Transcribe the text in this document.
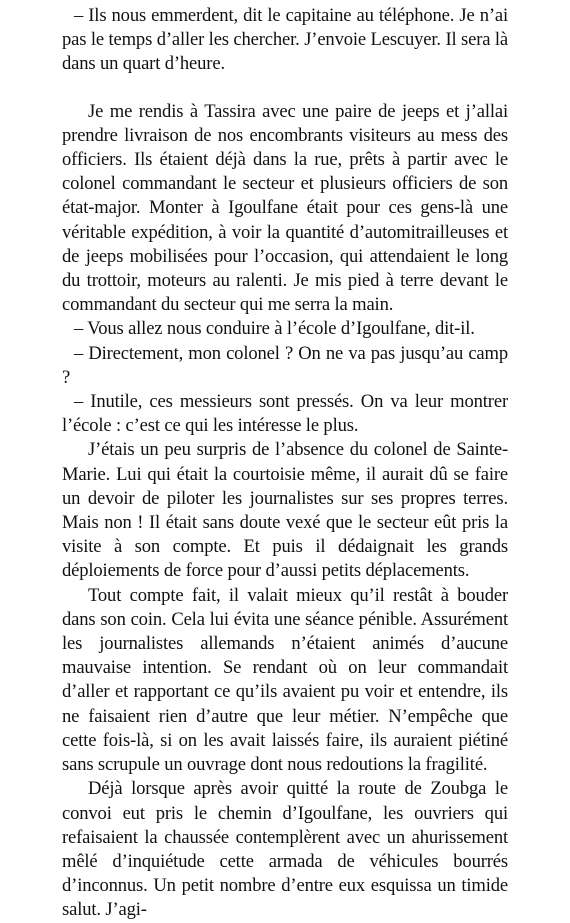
– Ils nous emmerdent, dit le capitaine au téléphone. Je n’ai pas le temps d’aller les chercher. J’envoie Lescuyer. Il sera là dans un quart d’heure.

Je me rendis à Tassira avec une paire de jeeps et j’allai prendre livraison de nos encombrants visiteurs au mess des officiers. Ils étaient déjà dans la rue, prêts à partir avec le colonel commandant le secteur et plusieurs officiers de son état-major. Monter à Igoulfane était pour ces gens-là une véritable expédition, à voir la quantité d’automitrailleuses et de jeeps mobilisées pour l’occasion, qui attendaient le long du trottoir, moteurs au ralenti. Je mis pied à terre devant le commandant du secteur qui me serra la main.

– Vous allez nous conduire à l’école d’Igoulfane, dit-il.

– Directement, mon colonel ? On ne va pas jusqu’au camp ?

– Inutile, ces messieurs sont pressés. On va leur montrer l’école : c’est ce qui les intéresse le plus.

J’étais un peu surpris de l’absence du colonel de Sainte-Marie. Lui qui était la courtoisie même, il aurait dû se faire un devoir de piloter les journalistes sur ses propres terres. Mais non ! Il était sans doute vexé que le secteur eût pris la visite à son compte. Et puis il dédaignait les grands déploiements de force pour d’aussi petits déplacements.

Tout compte fait, il valait mieux qu’il restât à bouder dans son coin. Cela lui évita une séance pénible. Assurément les journalistes allemands n’étaient animés d’aucune mauvaise intention. Se rendant où on leur commandait d’aller et rapportant ce qu’ils avaient pu voir et entendre, ils ne faisaient rien d’autre que leur métier. N’empêche que cette fois-là, si on les avait laissés faire, ils auraient piétiné sans scrupule un ouvrage dont nous redoutions la fragilité.

Déjà lorsque après avoir quitté la route de Zoubga le convoi eut pris le chemin d’Igoulfane, les ouvriers qui refaisaient la chaussée contemplèrent avec un ahurissement mêlé d’inquiétude cette armada de véhicules bourrés d’inconnus. Un petit nombre d’entre eux esquissa un timide salut. J’agi-
